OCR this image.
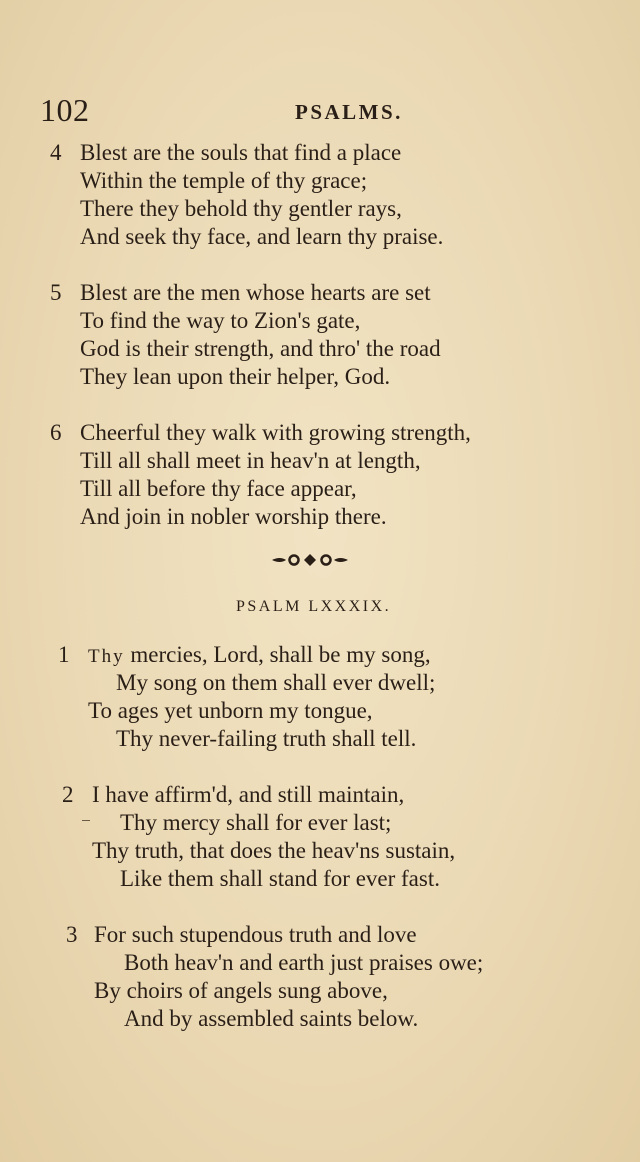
102	PSALMS.
4 Blest are the souls that find a place
Within the temple of thy grace;
There they behold thy gentler rays,
And seek thy face, and learn thy praise.
5 Blest are the men whose hearts are set
To find the way to Zion's gate,
God is their strength, and thro' the road
They lean upon their helper, God.
6 Cheerful they walk with growing strength,
Till all shall meet in heav'n at length,
Till all before thy face appear,
And join in nobler worship there.
PSALM LXXXIX.
1 Thy mercies, Lord, shall be my song,
My song on them shall ever dwell;
To ages yet unborn my tongue,
Thy never-failing truth shall tell.
2 I have affirm'd, and still maintain,
Thy mercy shall for ever last;
Thy truth, that does the heav'ns sustain,
Like them shall stand for ever fast.
3 For such stupendous truth and love
Both heav'n and earth just praises owe;
By choirs of angels sung above,
And by assembled saints below.
